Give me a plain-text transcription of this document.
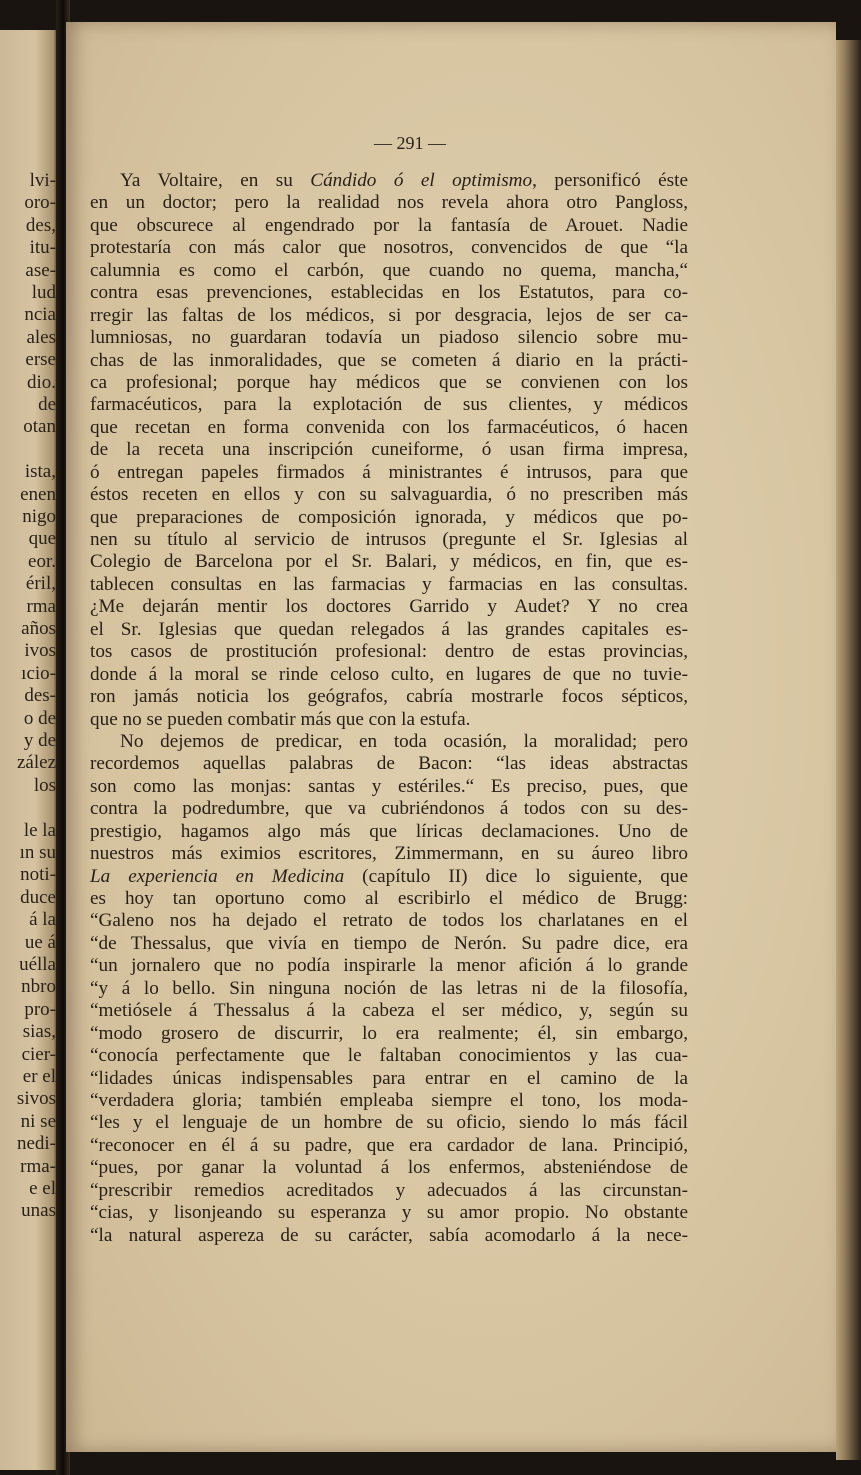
lvi-
oro-
des,
itu-
ase-
lud
ncia
ales
erse
dio.
de
otan
ista,
enen
nigo
que
eor.
éril,
rma
años
ivos
ıcio-
des-
o de
y de
zález
los
le la
ın su
noti-
duce
á la
ue á
uélla
nbro
pro-
sias,
cier-
er el
sivos
ni se
nedi-
rma-
e el
unas
— 291 —
Ya Voltaire, en su Cándido ó el optimismo, personificó éste
en un doctor; pero la realidad nos revela ahora otro Pangloss,
que obscurece al engendrado por la fantasía de Arouet. Nadie
protestaría con más calor que nosotros, convencidos de que “la
calumnia es como el carbón, que cuando no quema, mancha,“
contra esas prevenciones, establecidas en los Estatutos, para co-
rregir las faltas de los médicos, si por desgracia, lejos de ser ca-
lumniosas, no guardaran todavía un piadoso silencio sobre mu-
chas de las inmoralidades, que se cometen á diario en la prácti-
ca profesional; porque hay médicos que se convienen con los
farmacéuticos, para la explotación de sus clientes, y médicos
que recetan en forma convenida con los farmacéuticos, ó hacen
de la receta una inscripción cuneiforme, ó usan firma impresa,
ó entregan papeles firmados á ministrantes é intrusos, para que
éstos receten en ellos y con su salvaguardia, ó no prescriben más
que preparaciones de composición ignorada, y médicos que po-
nen su título al servicio de intrusos (pregunte el Sr. Iglesias al
Colegio de Barcelona por el Sr. Balari, y médicos, en fin, que es-
tablecen consultas en las farmacias y farmacias en las consultas.
¿Me dejarán mentir los doctores Garrido y Audet? Y no crea
el Sr. Iglesias que quedan relegados á las grandes capitales es-
tos casos de prostitución profesional: dentro de estas provincias,
donde á la moral se rinde celoso culto, en lugares de que no tuvie-
ron jamás noticia los geógrafos, cabría mostrarle focos sépticos,
que no se pueden combatir más que con la estufa.
No dejemos de predicar, en toda ocasión, la moralidad; pero
recordemos aquellas palabras de Bacon: “las ideas abstractas
son como las monjas: santas y estériles.“ Es preciso, pues, que
contra la podredumbre, que va cubriéndonos á todos con su des-
prestigio, hagamos algo más que líricas declamaciones. Uno de
nuestros más eximios escritores, Zimmermann, en su áureo libro
La experiencia en Medicina (capítulo II) dice lo siguiente, que
es hoy tan oportuno como al escribirlo el médico de Brugg:
“Galeno nos ha dejado el retrato de todos los charlatanes en el
“de Thessalus, que vivía en tiempo de Nerón. Su padre dice, era
“un jornalero que no podía inspirarle la menor afición á lo grande
“y á lo bello. Sin ninguna noción de las letras ni de la filosofía,
“metiósele á Thessalus á la cabeza el ser médico, y, según su
“modo grosero de discurrir, lo era realmente; él, sin embargo,
“conocía perfectamente que le faltaban conocimientos y las cua-
“lidades únicas indispensables para entrar en el camino de la
“verdadera gloria; también empleaba siempre el tono, los moda-
“les y el lenguaje de un hombre de su oficio, siendo lo más fácil
“reconocer en él á su padre, que era cardador de lana. Principió,
“pues, por ganar la voluntad á los enfermos, absteniéndose de
“prescribir remedios acreditados y adecuados á las circunstan-
“cias, y lisonjeando su esperanza y su amor propio. No obstante
“la natural aspereza de su carácter, sabía acomodarlo á la nece-
